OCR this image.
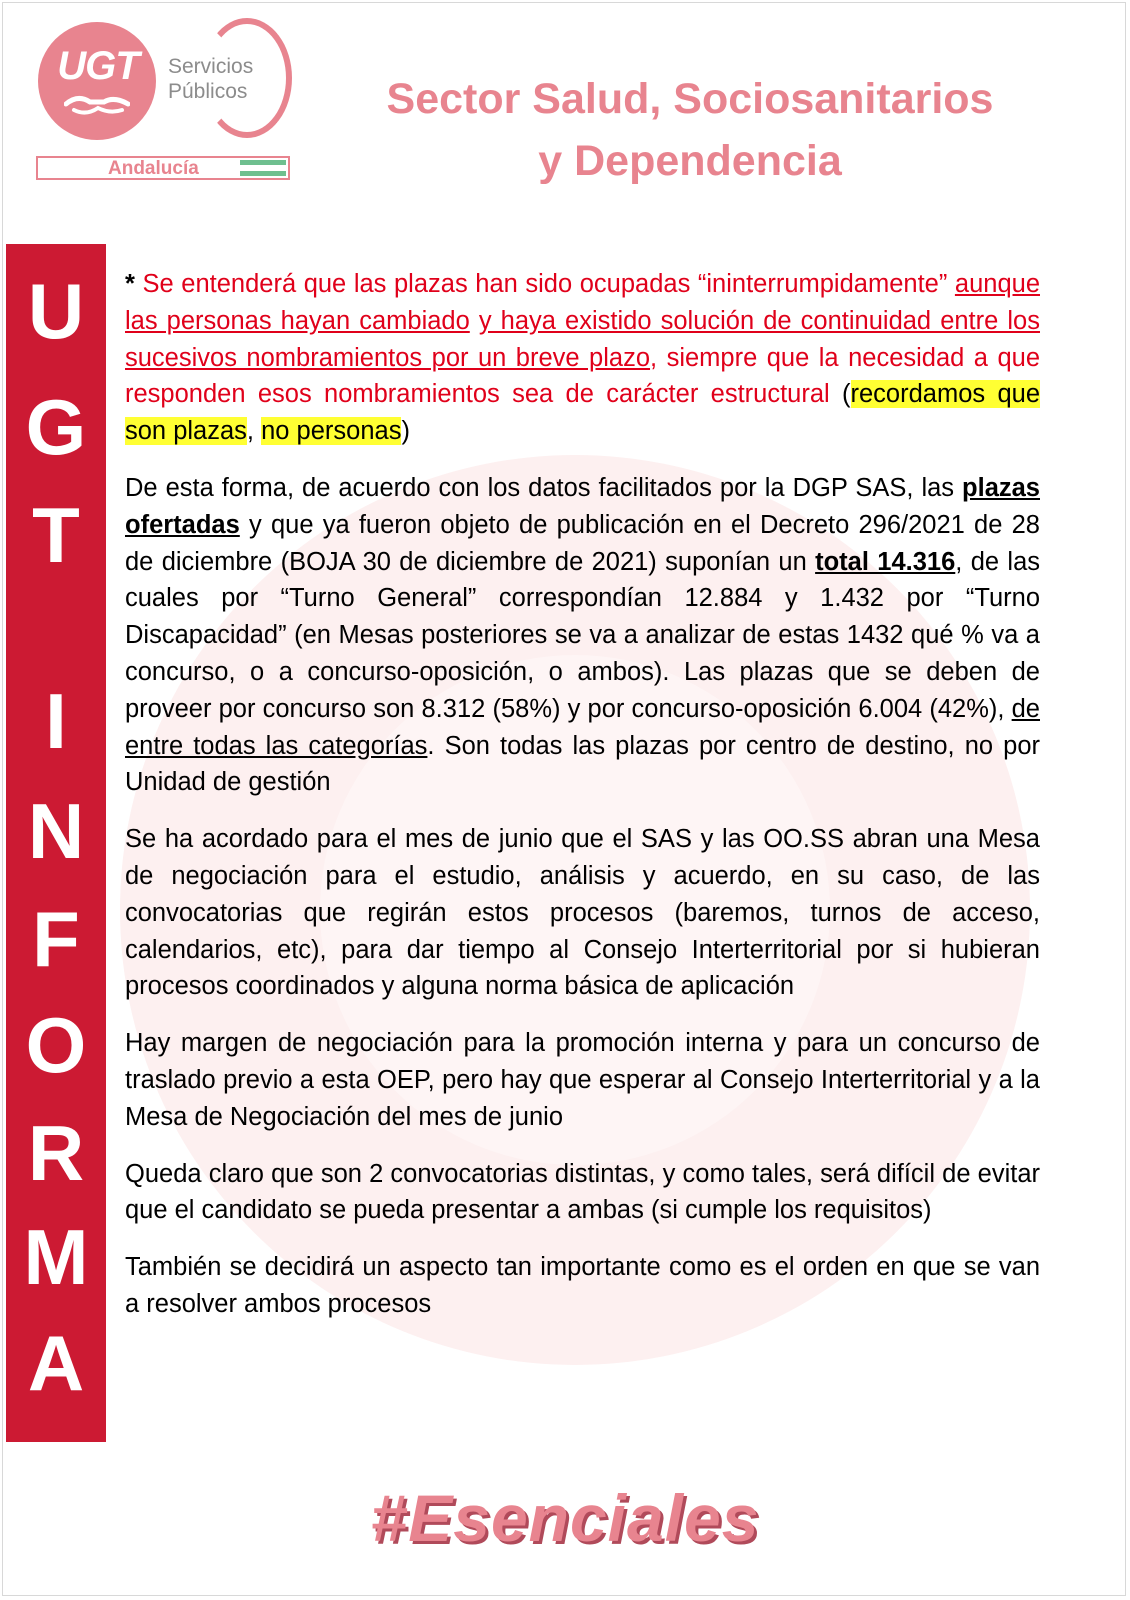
UGT	Servicios
Públicos
Andalucía
Sector Salud, Sociosanitarios
y Dependencia
U
G
T
I
N
F
O
R
M
A

* Se entenderá que las plazas han sido ocupadas “ininterrumpidamente” aunque las personas hayan cambiado y haya existido solución de continuidad entre los sucesivos nombramientos por un breve plazo, siempre que la necesidad a que responden esos nombramientos sea de carácter estructural (recordamos que son plazas, no personas)

De esta forma, de acuerdo con los datos facilitados por la DGP SAS, las plazas ofertadas y que ya fueron objeto de publicación en el Decreto 296/2021 de 28 de diciembre (BOJA 30 de diciembre de 2021) suponían un total 14.316, de las cuales por “Turno General” correspondían 12.884 y 1.432 por “Turno Discapacidad” (en Mesas posteriores se va a analizar de estas 1432 qué % va a concurso, o a concurso-oposición, o ambos). Las plazas que se deben de proveer por concurso son 8.312 (58%) y por concurso-oposición 6.004 (42%), de entre todas las categorías. Son todas las plazas por centro de destino, no por Unidad de gestión

Se ha acordado para el mes de junio que el SAS y las OO.SS abran una Mesa de negociación para el estudio, análisis y acuerdo, en su caso, de las convocatorias que regirán estos procesos (baremos, turnos de acceso, calendarios, etc), para dar tiempo al Consejo Interterritorial por si hubieran procesos coordinados y alguna norma básica de aplicación

Hay margen de negociación para la promoción interna y para un concurso de traslado previo a esta OEP, pero hay que esperar al Consejo Interterritorial y a la Mesa de Negociación del mes de junio

Queda claro que son 2 convocatorias distintas, y como tales, será difícil de evitar que el candidato se pueda presentar a ambas (si cumple los requisitos)

También se decidirá un aspecto tan importante como es el orden en que se van a resolver ambos procesos

#Esenciales
